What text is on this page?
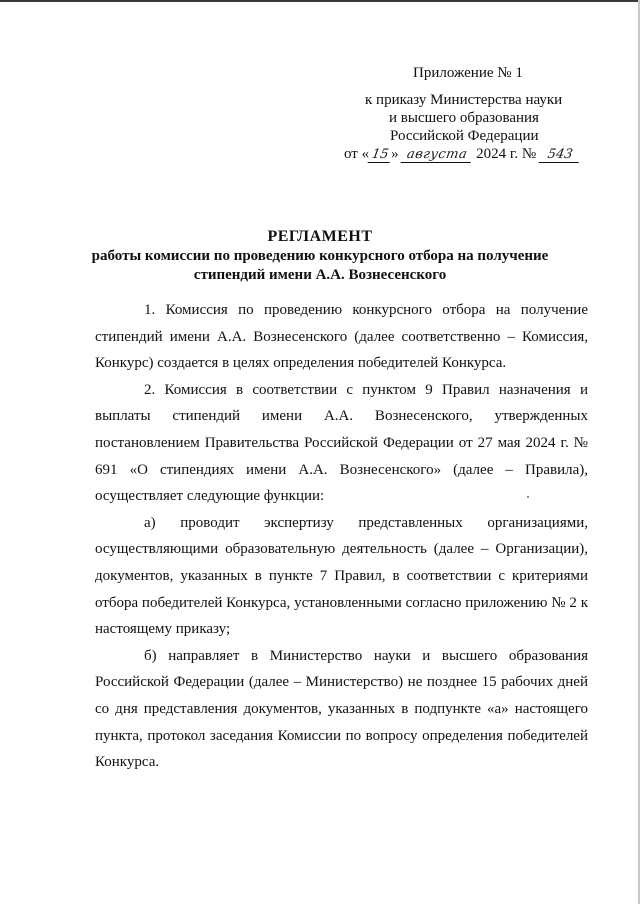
Приложение № 1
к приказу Министерства науки
и высшего образования
Российской Федерации
от «15» августа 2024 г. № 543
РЕГЛАМЕНТ
работы комиссии по проведению конкурсного отбора на получение
стипендий имени А.А. Вознесенского

1. Комиссия по проведению конкурсного отбора на получение стипендий имени А.А. Вознесенского (далее соответственно – Комиссия, Конкурс) создается в целях определения победителей Конкурса.

2. Комиссия в соответствии с пунктом 9 Правил назначения и выплаты стипендий имени А.А. Вознесенского, утвержденных постановлением Правительства Российской Федерации от 27 мая 2024 г. № 691 «О стипендиях имени А.А. Вознесенского» (далее – Правила), осуществляет следующие функции:

а) проводит экспертизу представленных организациями, осуществляющими образовательную деятельность (далее – Организации), документов, указанных в пункте 7 Правил, в соответствии с критериями отбора победителей Конкурса, установленными согласно приложению № 2 к настоящему приказу;

б) направляет в Министерство науки и высшего образования Российской Федерации (далее – Министерство) не позднее 15 рабочих дней со дня представления документов, указанных в подпункте «а» настоящего пункта, протокол заседания Комиссии по вопросу определения победителей Конкурса.
